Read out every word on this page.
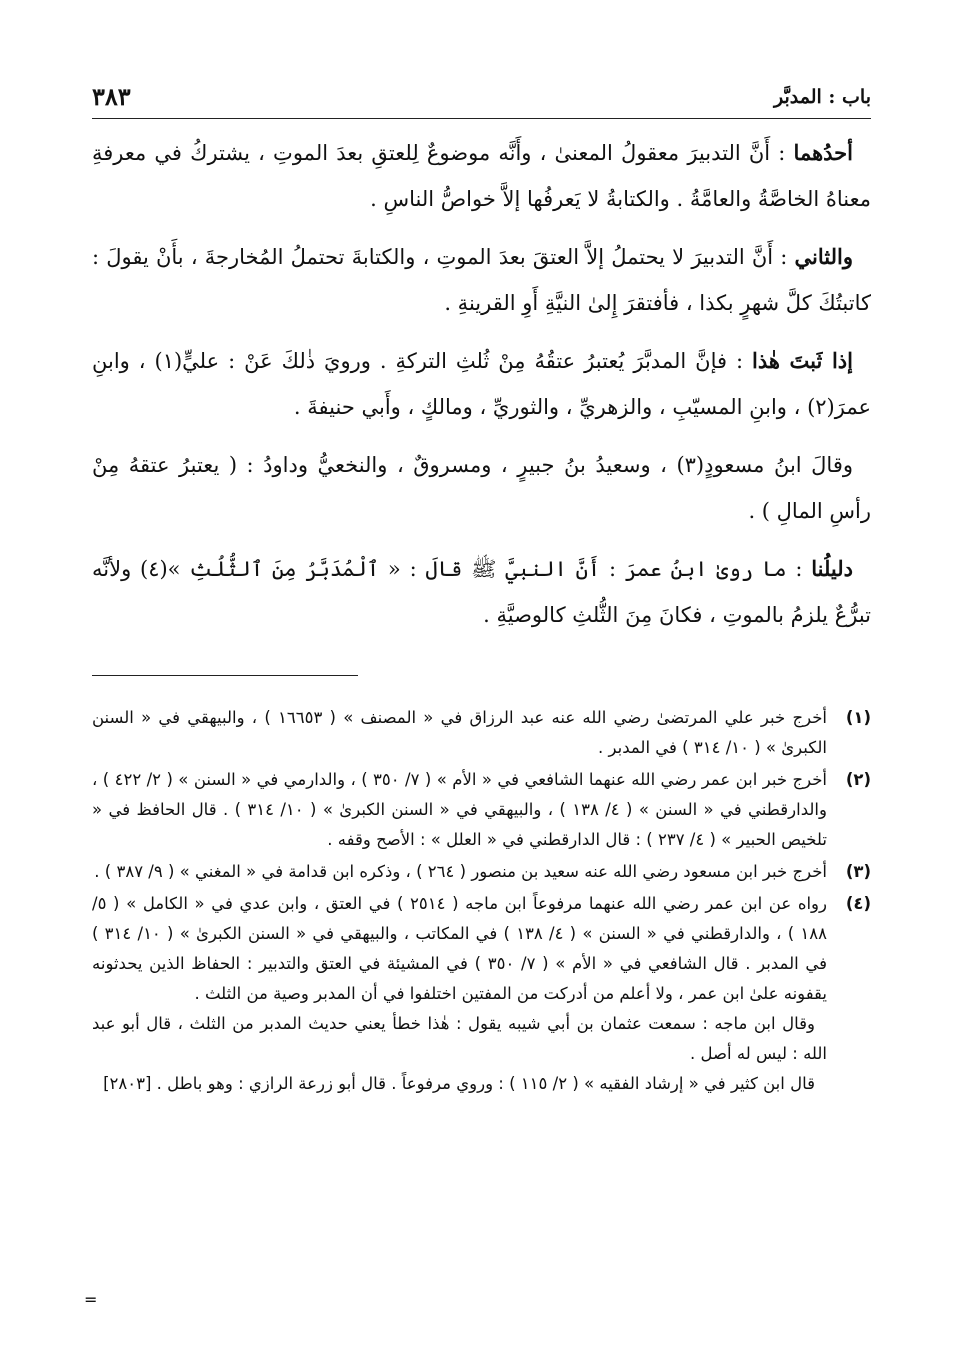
باب : المدبَّر
٣٨٣

أحدُهما : أَنَّ التدبيرَ معقولُ المعنىٰ ، وأَنَّه موضوعٌ لِلعتقِ بعدَ الموتِ ، يشتركُ في معرفةِ معناهُ الخاصَّةُ والعامَّةُ . والكتابةُ لا يَعرفُها إلاَّ خواصُّ الناسِ .

والثاني : أَنَّ التدبيرَ لا يحتملُ إلاَّ العتقَ بعدَ الموتِ ، والكتابةَ تحتملُ المُخارجةَ ، بأَنْ يقولَ : كاتبتُكَ كلَّ شهرٍ بكذا ، فأفتقرَ إِلىٰ النيَّةِ أَوِ القرينةِ .

إذا ثَبتَ هٰذا : فإنَّ المدبَّرَ يُعتبرُ عتقُهُ مِنْ ثُلثِ التركةِ . ورويَ ذٰلكَ عَنْ : عليٍّ(١) ، وابنِ عمرَ(٢) ، وابنِ المسيّبِ ، والزهريِّ ، والثوريِّ ، ومالكٍ ، وأَبي حنيفةَ .

وقالَ ابنُ مسعودٍ(٣) ، وسعيدُ بنُ جبيرٍ ، ومسروقٌ ، والنخعيُّ وداودُ : ( يعتبرُ عتقهُ مِنْ رأسِ المالِ ) .

دليلُنا : ما روىٰ ابنُ عمرَ : أَنَّ النبيَّ ﷺ قالَ : « ٱلْمُدَبَّرُ مِنَ ٱلثُّلُثِ »(٤) ولأنَّه تبرُّعٌ يلزمُ بالموتِ ، فكانَ مِنَ الثُّلثِ كالوصيَّةِ .

(١)
أخرج خبر علي المرتضىٰ رضي الله عنه عبد الرزاق في « المصنف » ( ١٦٦٥٣ ) ، والبيهقي في « السنن الكبرىٰ » ( ١٠/ ٣١٤ ) في المدبر .
(٢)
أخرج خبر ابن عمر رضي الله عنهما الشافعي في « الأم » ( ٧/ ٣٥٠ ) ، والدارمي في « السنن » ( ٢/ ٤٢٢ ) ، والدارقطني في « السنن » ( ٤/ ١٣٨ ) ، والبيهقي في « السنن الكبرىٰ » ( ١٠/ ٣١٤ ) . قال الحافظ في « تلخيص الحبير » ( ٤/ ٢٣٧ ) : قال الدارقطني في « العلل » : الأصح وقفه .
(٣)
أخرج خبر ابن مسعود رضي الله عنه سعيد بن منصور ( ٢٦٤ ) ، وذكره ابن قدامة في « المغني » ( ٩/ ٣٨٧ ) .
(٤)
رواه عن ابن عمر رضي الله عنهما مرفوعاً ابن ماجه ( ٢٥١٤ ) في العتق ، وابن عدي في « الكامل » ( ٥/ ١٨٨ ) ، والدارقطني في « السنن » ( ٤/ ١٣٨ ) في المكاتب ، والبيهقي في « السنن الكبرىٰ » ( ١٠/ ٣١٤ ) في المدبر . قال الشافعي في « الأم » ( ٧/ ٣٥٠ ) في المشيئة في العتق والتدبير : الحفاظ الذين يحدثونه يقفونه علىٰ ابن عمر ، ولا أعلم من أدركت من المفتين اختلفوا في أن المدبر وصية من الثلث .

وقال ابن ماجه : سمعت عثمان بن أبي شيبه يقول : هٰذا خطأ يعني حديث المدبر من الثلث ، قال أبو عبد الله : ليس له أصل .

قال ابن كثير في « إرشاد الفقيه » ( ٢/ ١١٥ ) : وروي مرفوعاً . قال أبو زرعة الرازي : وهو باطل . [٢٨٠٣]

=
